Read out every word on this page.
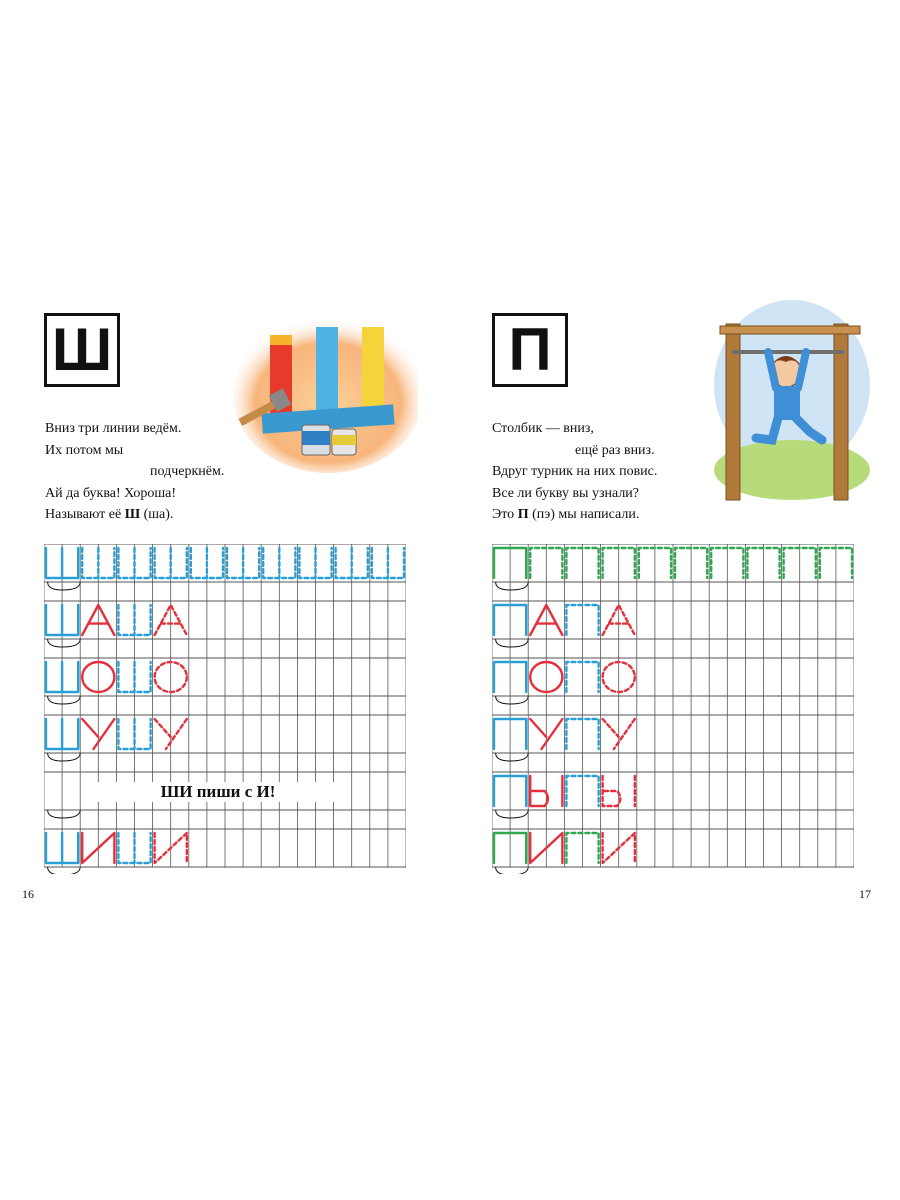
Ш
Вниз три линии ведём.
Их потом мы
подчеркнём.
Ай да буква! Хороша!
Называют её Ш (ша).
ШИ пиши с И!
16
П
Столбик — вниз,
ещё раз вниз.
Вдруг турник на них повис.
Все ли букву вы узнали?
Это П (пэ) мы написали.
17
